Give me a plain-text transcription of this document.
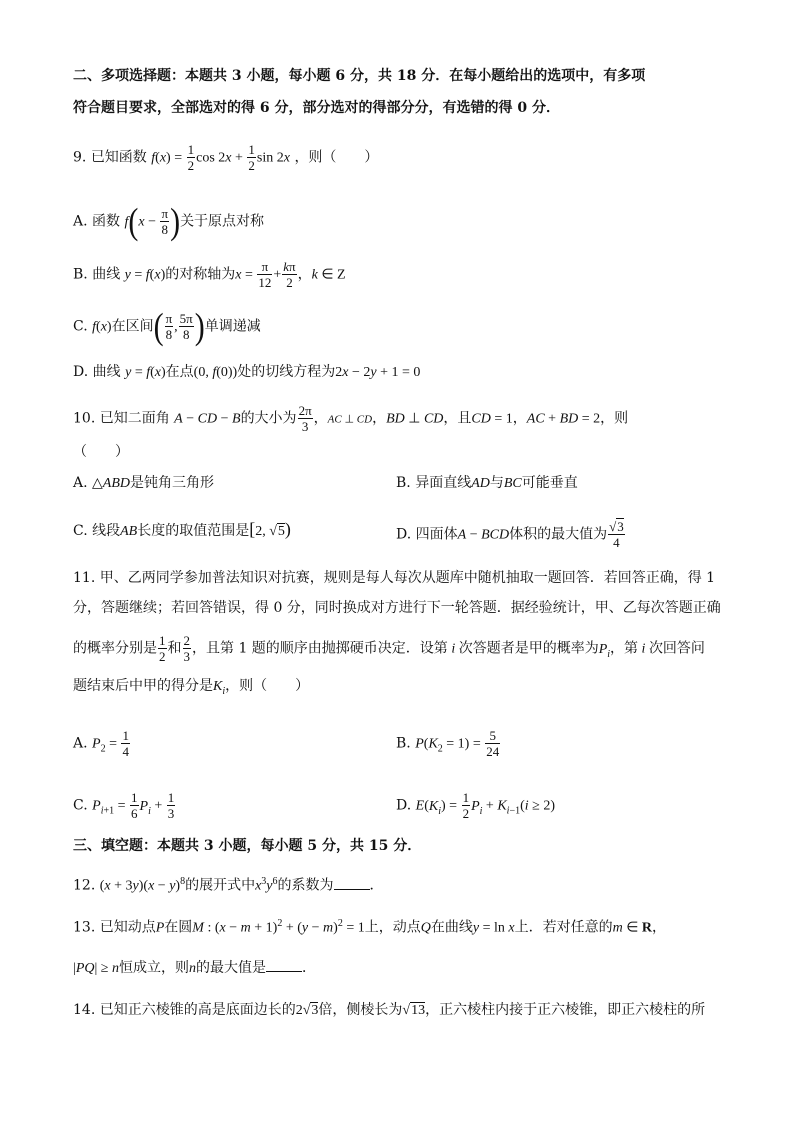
二、多项选择题：本题共 3 小题，每小题 6 分，共 18 分．在每小题给出的选项中，有多项
符合题目要求，全部选对的得 6 分，部分选对的得部分分，有选错的得 0 分．
9. 已知函数 $f(x) = \frac{1}{2}$ $\cos 2x + \frac{1}{2}$ sin 2x ，则（　　）
A. 函数 $f(x - \frac{\pi}{8}$ )关于原点对称
B. 曲线 y = f(x)的对称轴为$x = \frac{\pi}{12} + \frac{k\pi}{2}$ ，k ∈ Z
C. f(x)在区间( $\frac{\pi}{8}$ , $\frac{5\pi}{8}$ )单调递减
D. 曲线 y = f(x)在点(0, f(0))处的切线方程为2x − 2y + 1 = 0
10. 已知二面角 A − CD − B的大小为 $\frac{2\pi}{3}$ ，AC ⊥ CD，BD ⊥ CD，且CD = 1，AC + BD = 2，则
（　　）
A. △ABD是钝角三角形	B. 异面直线AD与BC可能垂直
C. 线段AB长度的取值范围是[2, √5)	D. 四面体A − BCD体积的最大值为 $\frac{√3}{4}$
11. 甲、乙两同学参加普法知识对抗赛，规则是每人每次从题库中随机抽取一题回答．若回答正确，得 1
分，答题继续；若回答错误，得 0 分，同时换成对方进行下一轮答题．据经验统计，甲、乙每次答题正确
的概率分别是 $\frac{1}{2}$ 和 $\frac{2}{3}$ ，且第 1 题的顺序由抛掷硬币决定．设第 i 次答题者是甲的概率为$P_i$，第 i 次回答问
题结束后中甲的得分是$K_i$，则（　　）
A. $P_2 = \frac{1}{4}$	B. $P(K_2 = 1) = \frac{5}{24}$
C. $P_{i+1} = \frac{1}{6} P_i + \frac{1}{3}$	D. $E(K_i) = \frac{1}{2} P_i + K_{i-1}(i \ge 2)$
三、填空题：本题共 3 小题，每小题 5 分，共 15 分．
12. $(x + 3y)(x - y)^8$的展开式中$x^3y^6$的系数为	．
13. 已知动点P在圆M : $(x - m + 1)^2 + (y - m)^2 = 1$上，动点Q在曲线y = ln x上．若对任意的m ∈ R，
|PQ| ≥ n恒成立，则n的最大值是	．
14. 已知正六棱锥的高是底面边长的2√3倍，侧棱长为√13，正六棱柱内接于正六棱锥，即正六棱柱的所
